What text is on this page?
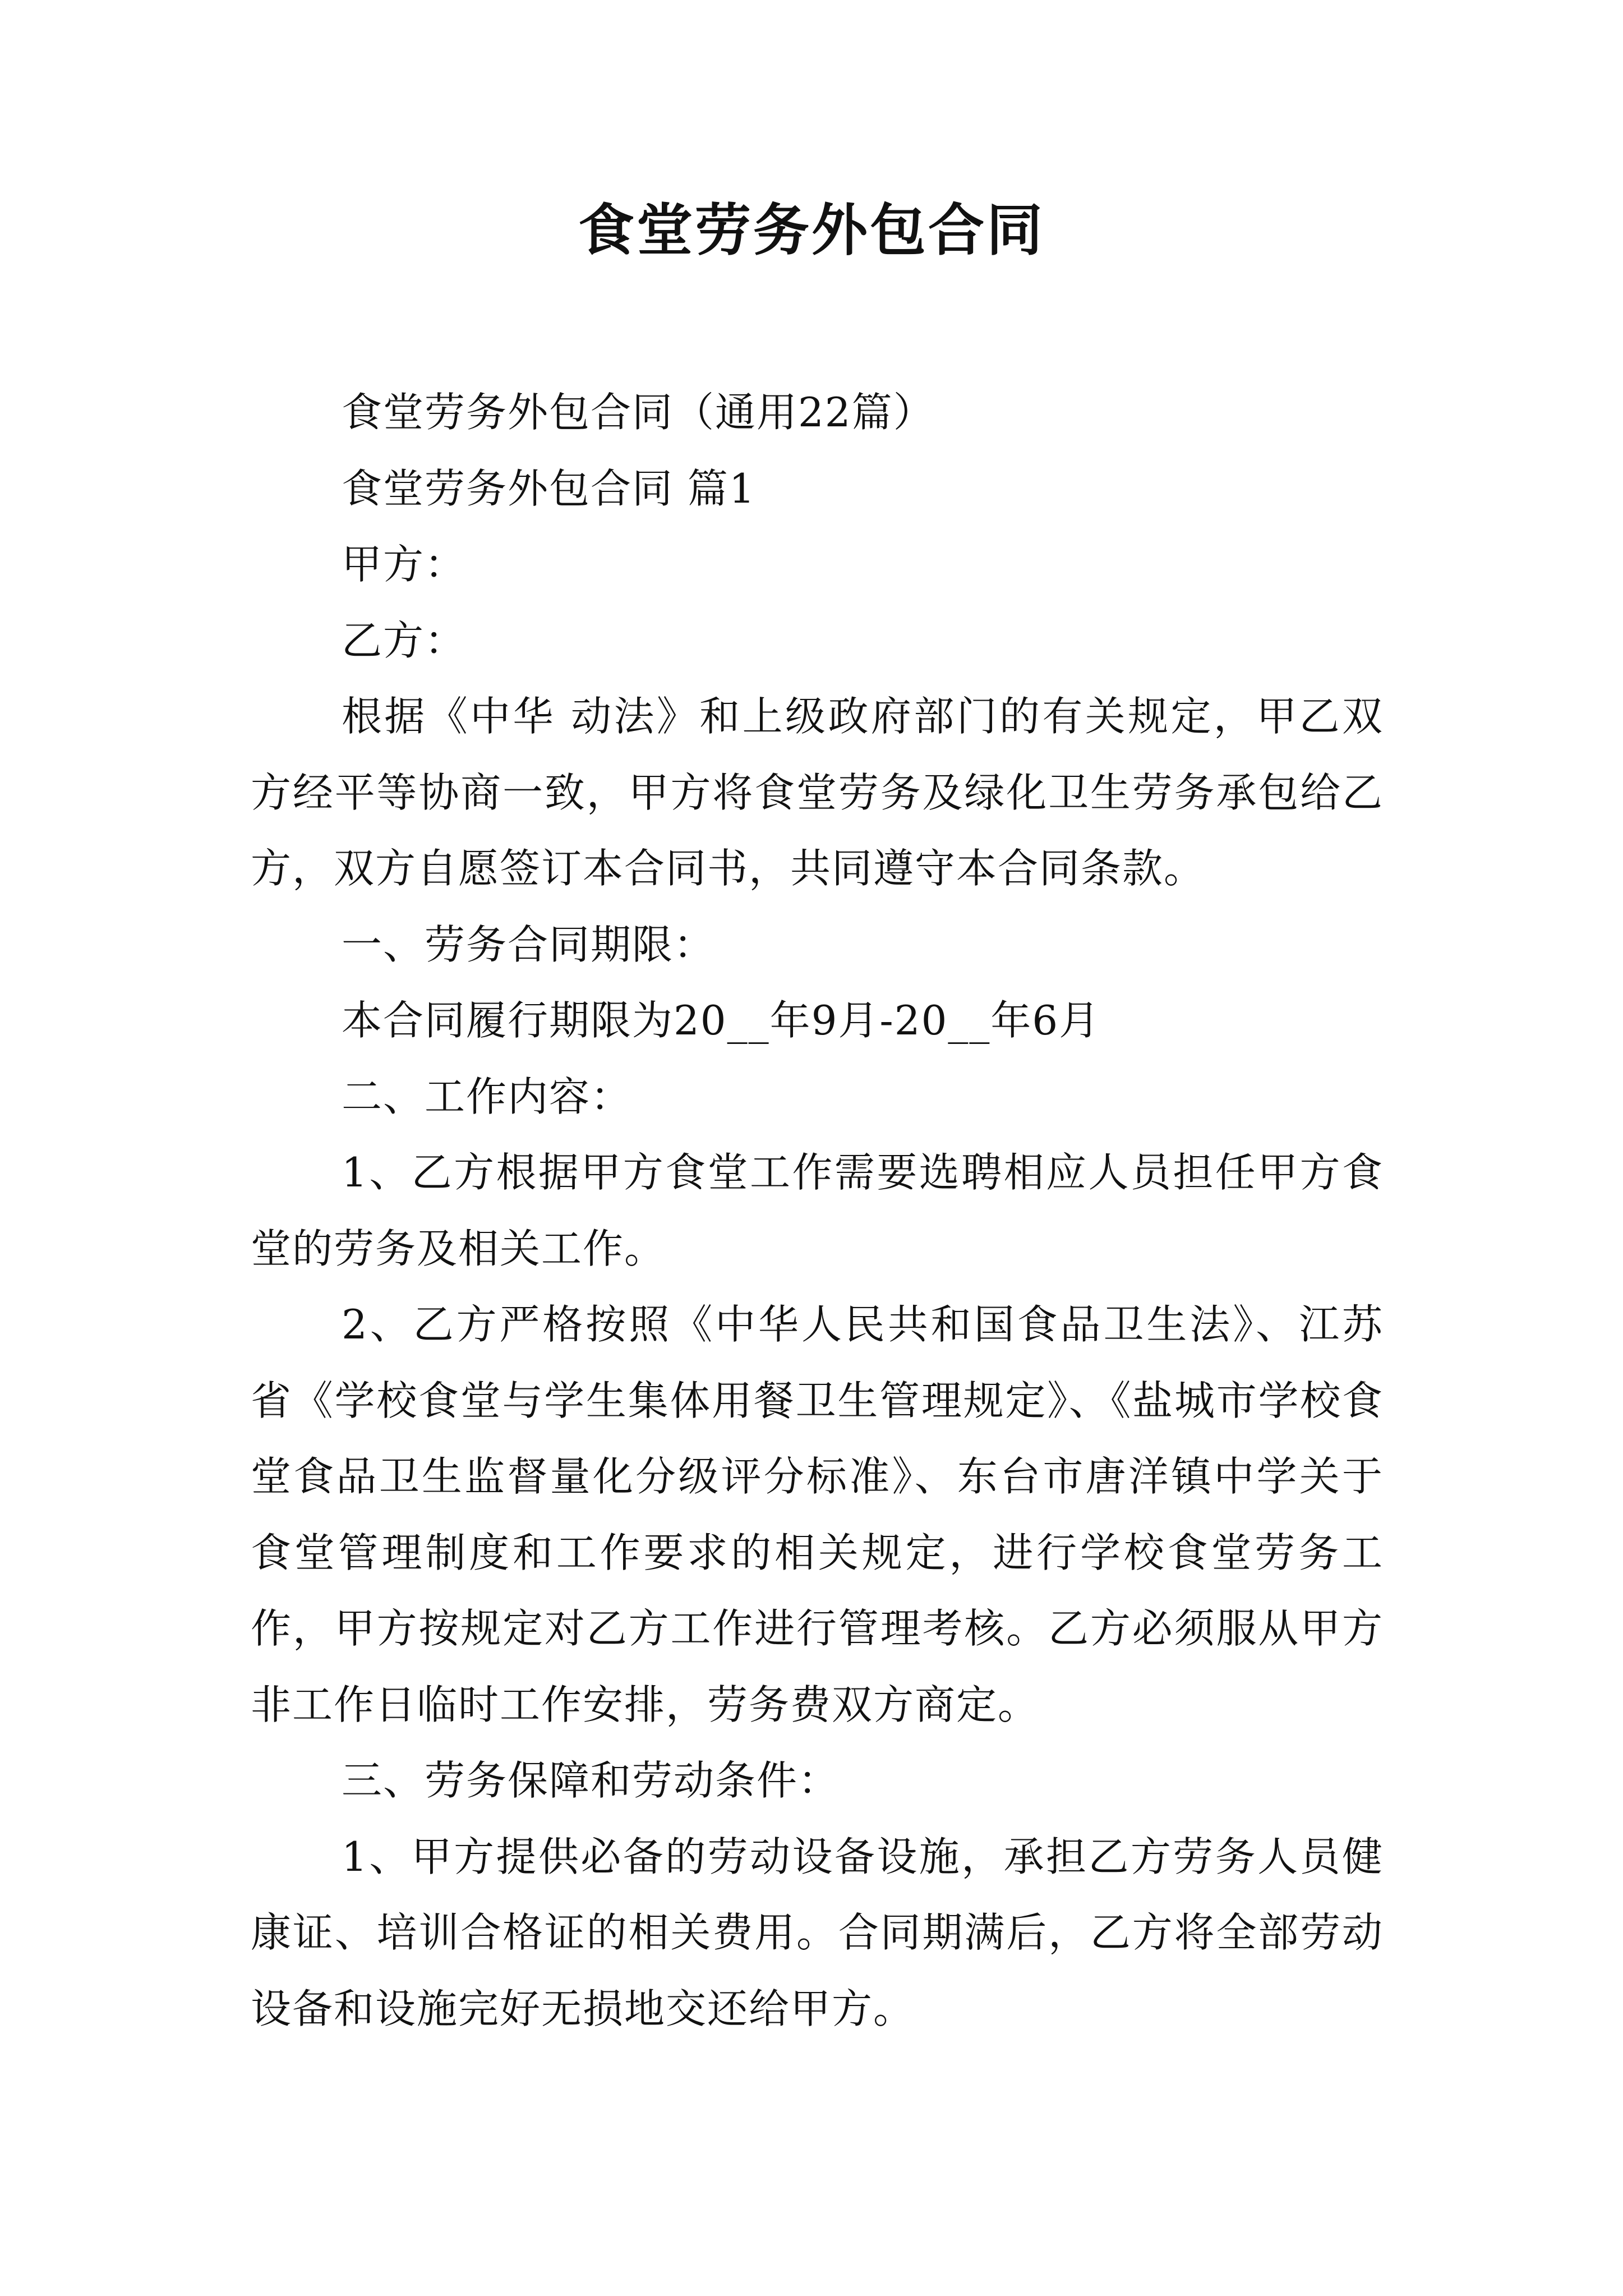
食堂劳务外包合同

食堂劳务外包合同（通用22篇）

食堂劳务外包合同 篇1

甲方：

乙方：

根据《中华 动法》和上级政府部门的有关规定，甲乙双方经平等协商一致，甲方将食堂劳务及绿化卫生劳务承包给乙方，双方自愿签订本合同书，共同遵守本合同条款。

一、劳务合同期限：

本合同履行期限为20__年9月-20__年6月

二、工作内容：

1、乙方根据甲方食堂工作需要选聘相应人员担任甲方食堂的劳务及相关工作。

2、乙方严格按照《中华人民共和国食品卫生法》、江苏省《学校食堂与学生集体用餐卫生管理规定》、《盐城市学校食堂食品卫生监督量化分级评分标准》、东台市唐洋镇中学关于食堂管理制度和工作要求的相关规定，进行学校食堂劳务工作，甲方按规定对乙方工作进行管理考核。乙方必须服从甲方非工作日临时工作安排，劳务费双方商定。

三、劳务保障和劳动条件：

1、甲方提供必备的劳动设备设施，承担乙方劳务人员健康证、培训合格证的相关费用。合同期满后，乙方将全部劳动设备和设施完好无损地交还给甲方。
